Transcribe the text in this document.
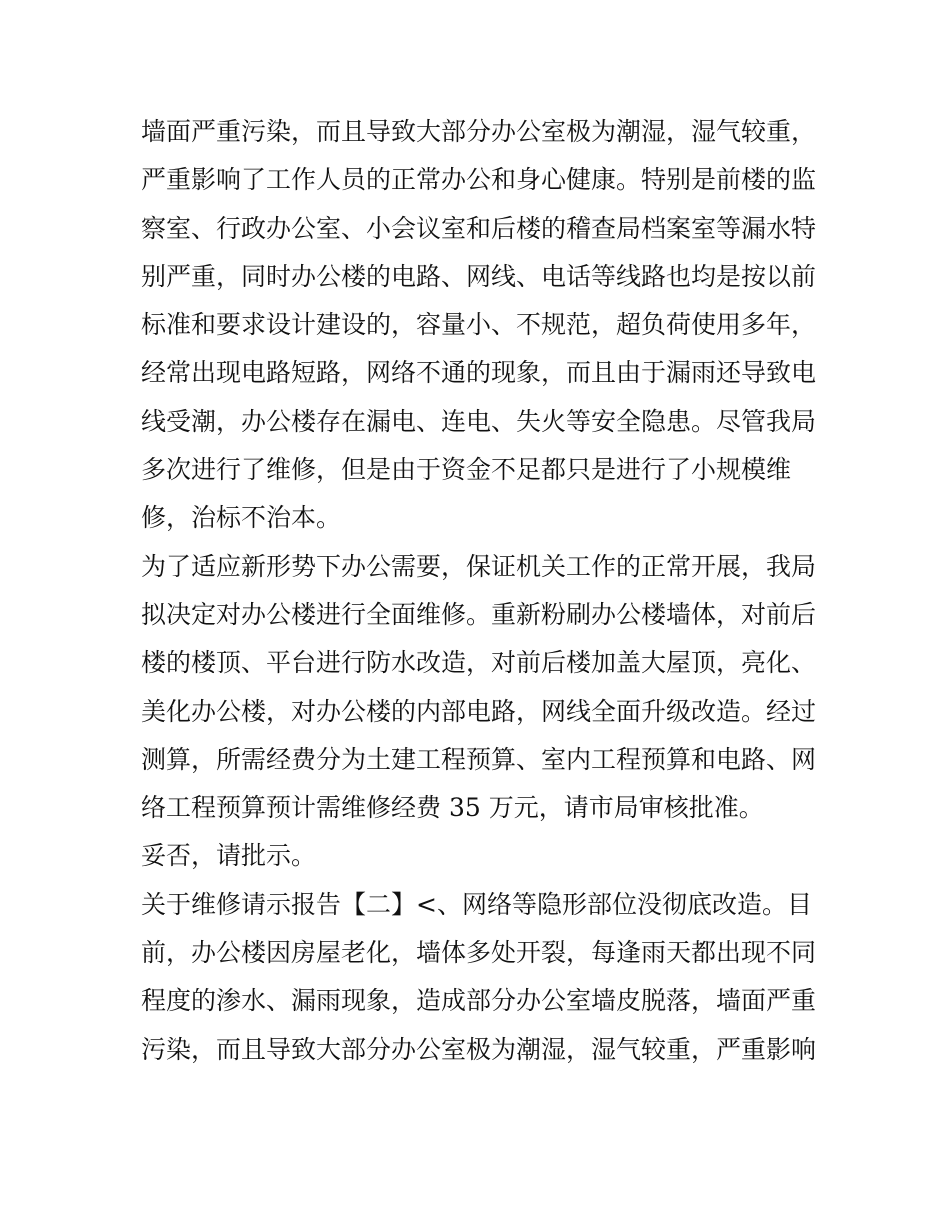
墙面严重污染，而且导致大部分办公室极为潮湿，湿气较重，
严重影响了工作人员的正常办公和身心健康。特别是前楼的监
察室、行政办公室、小会议室和后楼的稽查局档案室等漏水特
别严重，同时办公楼的电路、网线、电话等线路也均是按以前
标准和要求设计建设的，容量小、不规范，超负荷使用多年，
经常出现电路短路，网络不通的现象，而且由于漏雨还导致电
线受潮，办公楼存在漏电、连电、失火等安全隐患。尽管我局
多次进行了维修，但是由于资金不足都只是进行了小规模维
修，治标不治本。
为了适应新形势下办公需要，保证机关工作的正常开展，我局
拟决定对办公楼进行全面维修。重新粉刷办公楼墙体，对前后
楼的楼顶、平台进行防水改造，对前后楼加盖大屋顶，亮化、
美化办公楼，对办公楼的内部电路，网线全面升级改造。经过
测算，所需经费分为土建工程预算、室内工程预算和电路、网
络工程预算预计需维修经费 35 万元，请市局审核批准。
妥否，请批示。
关于维修请示报告【二】<、网络等隐形部位没彻底改造。目
前，办公楼因房屋老化，墙体多处开裂，每逢雨天都出现不同
程度的渗水、漏雨现象，造成部分办公室墙皮脱落，墙面严重
污染，而且导致大部分办公室极为潮湿，湿气较重，严重影响
